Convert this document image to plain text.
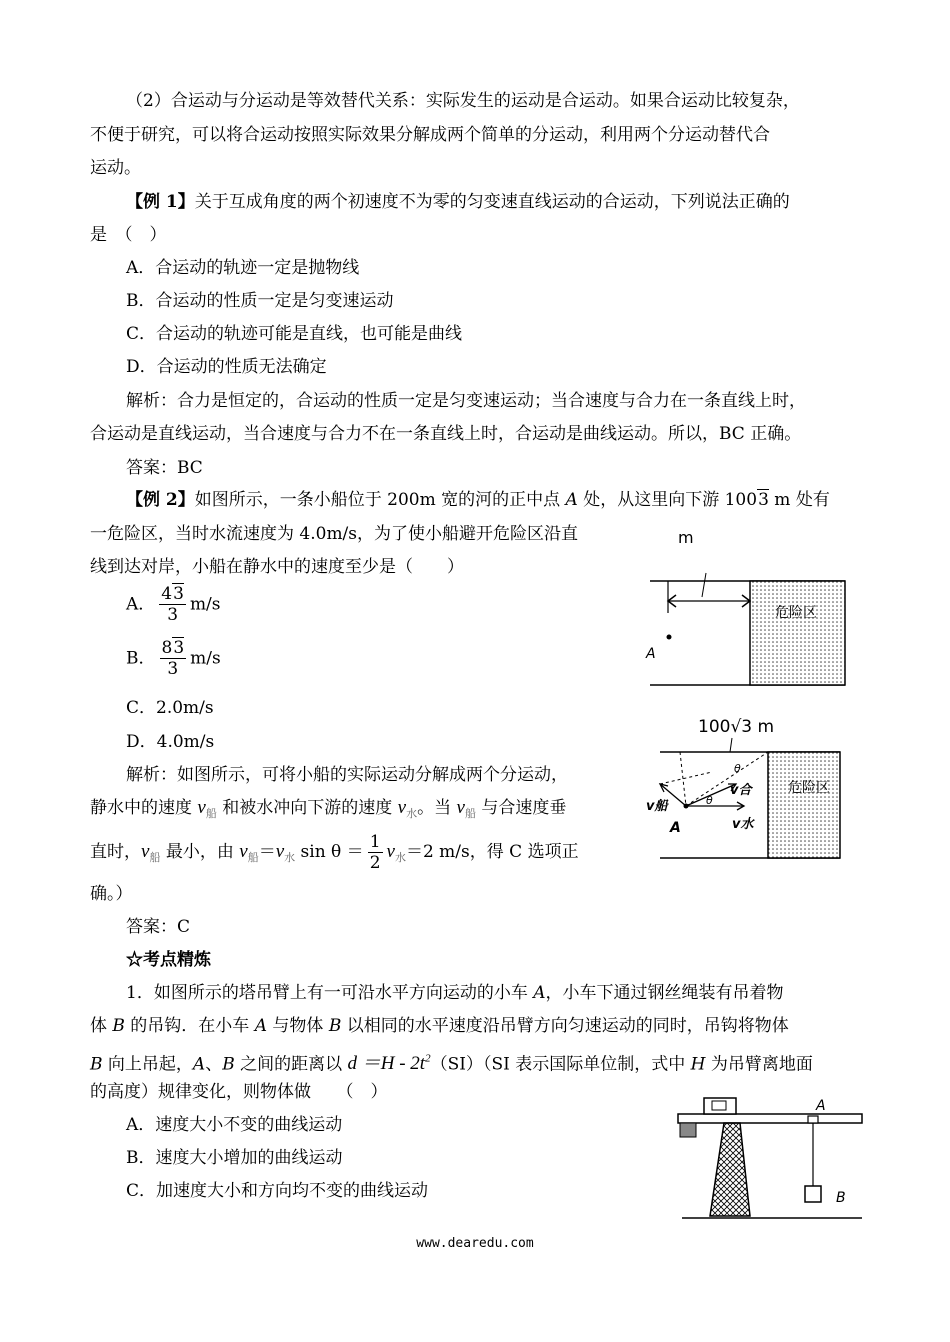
（2）合运动与分运动是等效替代关系：实际发生的运动是合运动。如果合运动比较复杂，
不便于研究，可以将合运动按照实际效果分解成两个简单的分运动，利用两个分运动替代合
运动。
【例 1】关于互成角度的两个初速度不为零的匀变速直线运动的合运动，下列说法正确的
是　（　）
A．合运动的轨迹一定是抛物线
B．合运动的性质一定是匀变速运动
C．合运动的轨迹可能是直线，也可能是曲线
D．合运动的性质无法确定
解析：合力是恒定的，合运动的性质一定是匀变速运动；当合速度与合力在一条直线上时，
合运动是直线运动，当合速度与合力不在一条直线上时，合运动是曲线运动。所以，BC 正确。
答案：BC
【例 2】如图所示，一条小船位于 200m 宽的河的正中点 A 处，从这里向下游 1003 m 处有
一危险区，当时水流速度为 4.0m/s，为了使小船避开危险区沿直
线到达对岸，小船在静水中的速度至少是（　　）
A． $\frac{43}{3} m/s$
B． $\frac{83}{3} m/s$
C．2.0m/s
D．4.0m/s
解析：如图所示，可将小船的实际运动分解成两个分运动，
静水中的速度 $v_船$ 和被水冲向下游的速度 $v_水$。当 $v_船$ 与合速度垂
直时，$v_船$ 最小，由 $v_船=v_水$ $\sin \theta = \frac{1}{2} v_水=2$ m/s，得 C 选项正
确。）
答案：C
☆考点精炼
1．如图所示的塔吊臂上有一可沿水平方向运动的小车 A，小车下通过钢丝绳装有吊着物
体 B 的吊钩．在小车 A 与物体 B 以相同的水平速度沿吊臂方向匀速运动的同时，吊钩将物体
B 向上吊起，A、B 之间的距离以 $d =H - 2t^2(SI)(SI$ 表示国际单位制，式中 H 为吊臂离地面
的高度）规律变化，则物体做　　（　）
A．速度大小不变的曲线运动
B．速度大小增加的曲线运动
C．加速度大小和方向均不变的曲线运动
m
危险区
A
100√3 m
危险区
θ
θ
v船
v合
v水
A
A
B
www.dearedu.com
